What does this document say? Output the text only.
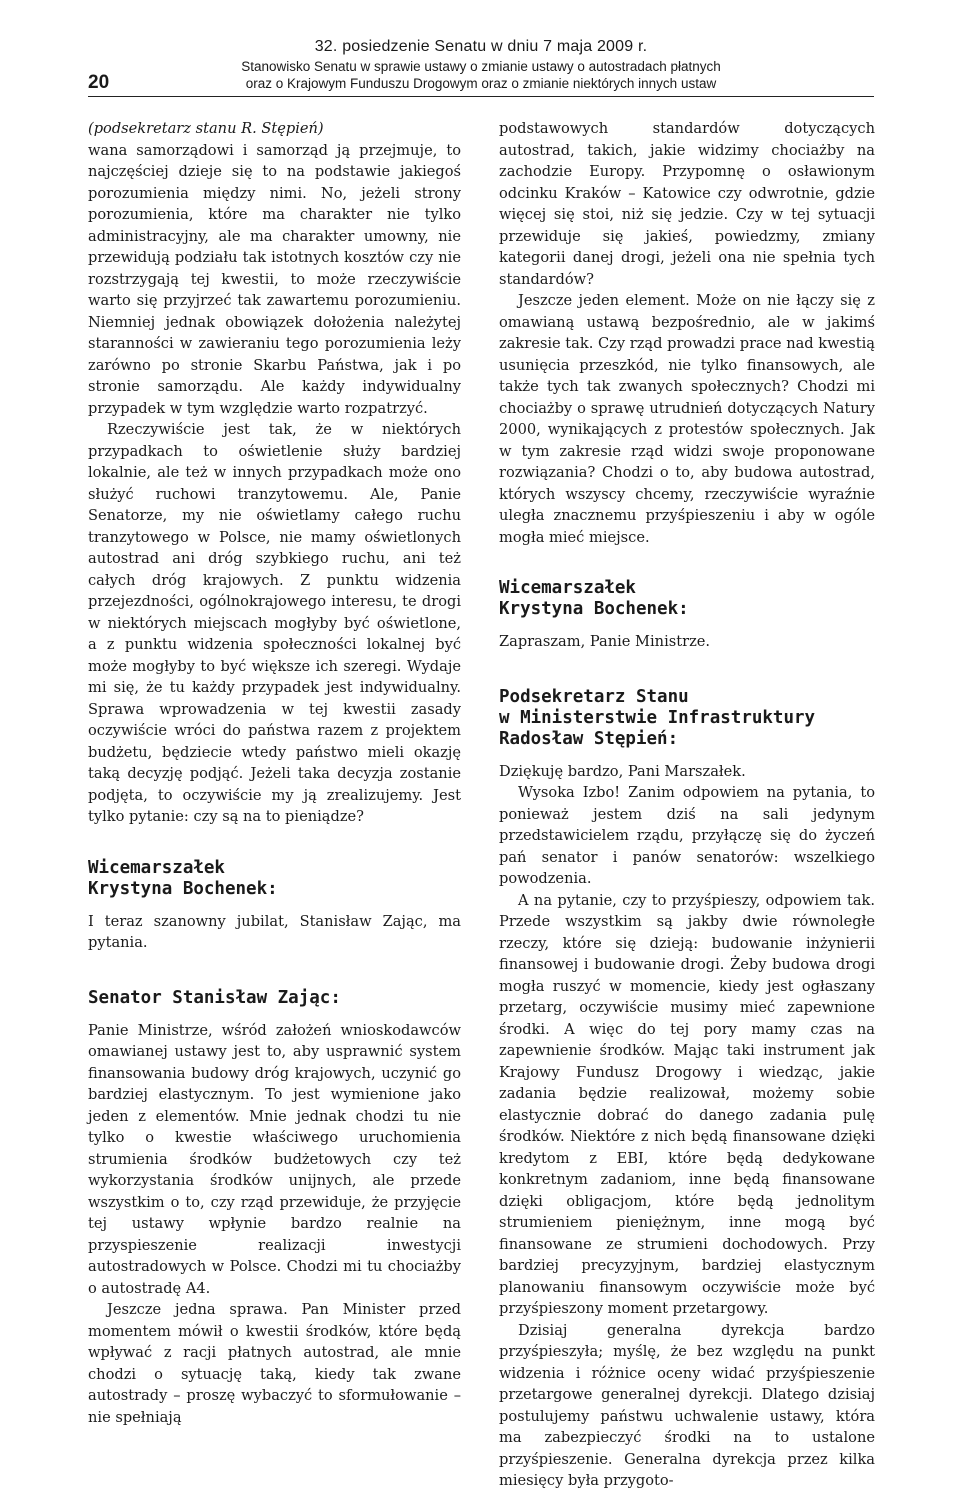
20
32. posiedzenie Senatu w dniu 7 maja 2009 r.
Stanowisko Senatu w sprawie ustawy o zmianie ustawy o autostradach płatnych
oraz o Krajowym Funduszu Drogowym oraz o zmianie niektórych innych ustaw

(podsekretarz stanu R. Stępień)

wana samorządowi i samorząd ją przejmuje, to najczęściej dzieje się to na podstawie jakiegoś porozumienia między nimi. No, jeżeli strony porozumienia, które ma charakter nie tylko administracyjny, ale ma charakter umowny, nie przewidują podziału tak istotnych kosztów czy nie rozstrzygają tej kwestii, to może rzeczywiście warto się przyjrzeć tak zawartemu porozumieniu. Niemniej jednak obowiązek dołożenia należytej staranności w zawieraniu tego porozumienia leży zarówno po stronie Skarbu Państwa, jak i po stronie samorządu. Ale każdy indywidualny przypadek w tym względzie warto rozpatrzyć.

Rzeczywiście jest tak, że w niektórych przypadkach to oświetlenie służy bardziej lokalnie, ale też w innych przypadkach może ono służyć ruchowi tranzytowemu. Ale, Panie Senatorze, my nie oświetlamy całego ruchu tranzytowego w Polsce, nie mamy oświetlonych autostrad ani dróg szybkiego ruchu, ani też całych dróg krajowych. Z punktu widzenia przejezdności, ogólnokrajowego interesu, te drogi w niektórych miejscach mogłyby być oświetlone, a z punktu widzenia społeczności lokalnej być może mogłyby to być większe ich szeregi. Wydaje mi się, że tu każdy przypadek jest indywidualny. Sprawa wprowadzenia w tej kwestii zasady oczywiście wróci do państwa razem z projektem budżetu, będziecie wtedy państwo mieli okazję taką decyzję podjąć. Jeżeli taka decyzja zostanie podjęta, to oczywiście my ją zrealizujemy. Jest tylko pytanie: czy są na to pieniądze?

Wicemarszałek
Krystyna Bochenek:

I teraz szanowny jubilat, Stanisław Zając, ma pytania.

Senator Stanisław Zając:

Panie Ministrze, wśród założeń wnioskodawców omawianej ustawy jest to, aby usprawnić system finansowania budowy dróg krajowych, uczynić go bardziej elastycznym. To jest wymienione jako jeden z elementów. Mnie jednak chodzi tu nie tylko o kwestie właściwego uruchomienia strumienia środków budżetowych czy też wykorzystania środków unijnych, ale przede wszystkim o to, czy rząd przewiduje, że przyjęcie tej ustawy wpłynie bardzo realnie na przyspieszenie realizacji inwestycji autostradowych w Polsce. Chodzi mi tu chociażby o autostradę A4.

Jeszcze jedna sprawa. Pan Minister przed momentem mówił o kwestii środków, które będą wpływać z racji płatnych autostrad, ale mnie chodzi o sytuację taką, kiedy tak zwane autostrady – proszę wybaczyć to sformułowanie – nie spełniają

podstawowych standardów dotyczących autostrad, takich, jakie widzimy chociażby na zachodzie Europy. Przypomnę o osławionym odcinku Kraków – Katowice czy odwrotnie, gdzie więcej się stoi, niż się jedzie. Czy w tej sytuacji przewiduje się jakieś, powiedzmy, zmiany kategorii danej drogi, jeżeli ona nie spełnia tych standardów?

Jeszcze jeden element. Może on nie łączy się z omawianą ustawą bezpośrednio, ale w jakimś zakresie tak. Czy rząd prowadzi prace nad kwestią usunięcia przeszkód, nie tylko finansowych, ale także tych tak zwanych społecznych? Chodzi mi chociażby o sprawę utrudnień dotyczących Natury 2000, wynikających z protestów społecznych. Jak w tym zakresie rząd widzi swoje proponowane rozwiązania? Chodzi o to, aby budowa autostrad, których wszyscy chcemy, rzeczywiście wyraźnie uległa znacznemu przyśpieszeniu i aby w ogóle mogła mieć miejsce.

Wicemarszałek
Krystyna Bochenek:

Zapraszam, Panie Ministrze.

Podsekretarz Stanu
w Ministerstwie Infrastruktury
Radosław Stępień:

Dziękuję bardzo, Pani Marszałek.

Wysoka Izbo! Zanim odpowiem na pytania, to ponieważ jestem dziś na sali jedynym przedstawicielem rządu, przyłączę się do życzeń pań senator i panów senatorów: wszelkiego powodzenia.

A na pytanie, czy to przyśpieszy, odpowiem tak. Przede wszystkim są jakby dwie równoległe rzeczy, które się dzieją: budowanie inżynierii finansowej i budowanie drogi. Żeby budowa drogi mogła ruszyć w momencie, kiedy jest ogłaszany przetarg, oczywiście musimy mieć zapewnione środki. A więc do tej pory mamy czas na zapewnienie środków. Mając taki instrument jak Krajowy Fundusz Drogowy i wiedząc, jakie zadania będzie realizował, możemy sobie elastycznie dobrać do danego zadania pulę środków. Niektóre z nich będą finansowane dzięki kredytom z EBI, które będą dedykowane konkretnym zadaniom, inne będą finansowane dzięki obligacjom, które będą jednolitym strumieniem pieniężnym, inne mogą być finansowane ze strumieni dochodowych. Przy bardziej precyzyjnym, bardziej elastycznym planowaniu finansowym oczywiście może być przyśpieszony moment przetargowy.

Dzisiaj generalna dyrekcja bardzo przyśpieszyła; myślę, że bez względu na punkt widzenia i różnice oceny widać przyśpieszenie przetargowe generalnej dyrekcji. Dlatego dzisiaj postulujemy państwu uchwalenie ustawy, która ma zabezpieczyć środki na to ustalone przyśpieszenie. Generalna dyrekcja przez kilka miesięcy była przygoto-
